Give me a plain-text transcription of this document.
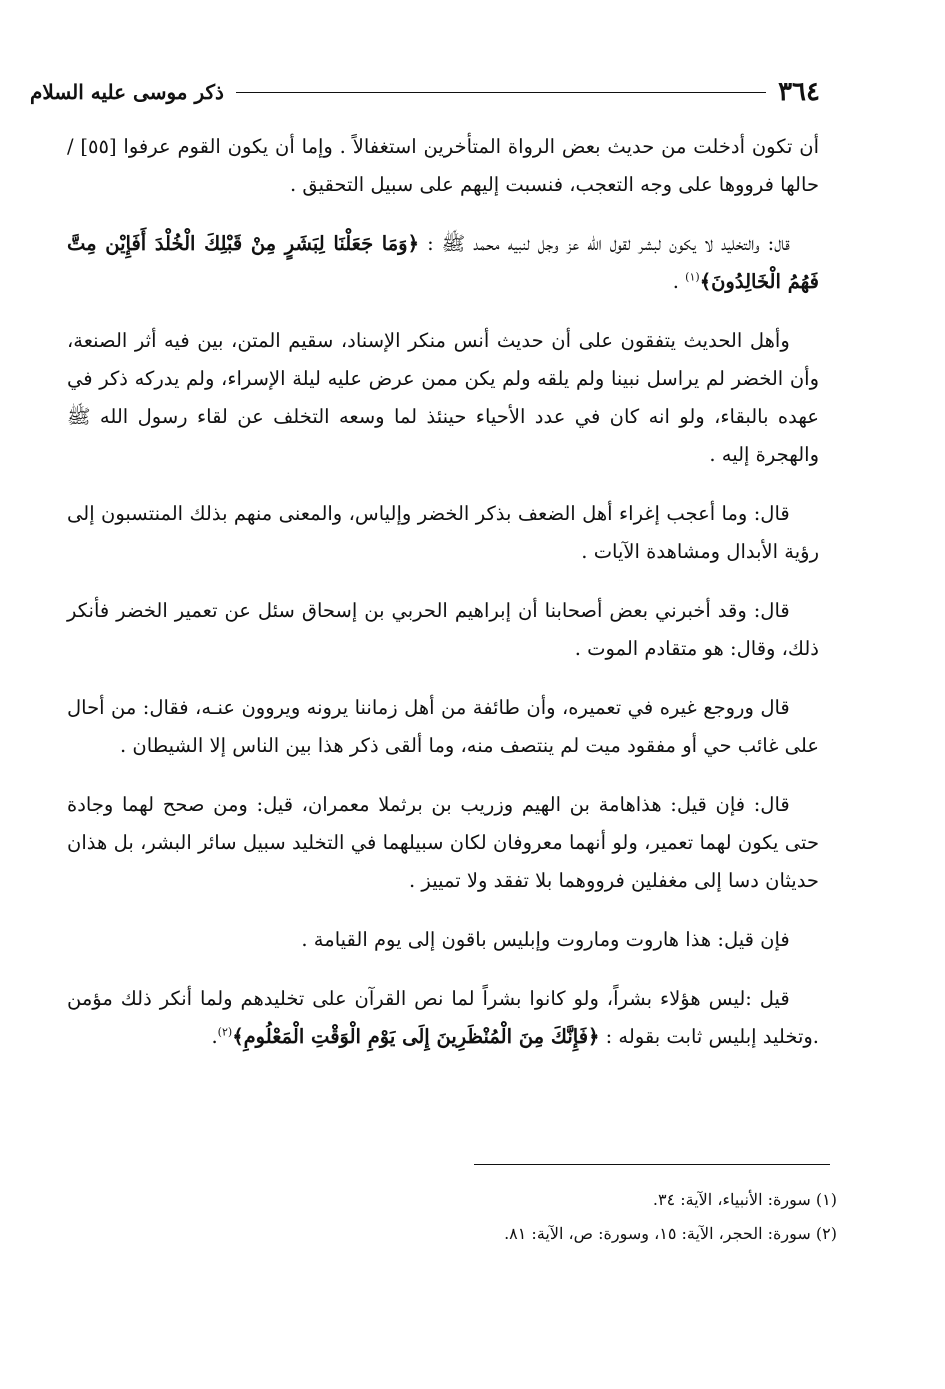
ذكر موسى عليه السلام	٣٦٤

أن تكون أدخلت من حديث بعض الرواة المتأخرين استغفالاً . وإما أن يكون القوم عرفوا [٥٥] / حالها فرووها على وجه التعجب، فنسبت إليهم على سبيل التحقيق .

قال: والتخليد لا يكون لبشر لقول الله عز وجل لنبيه محمد ﷺ : ﴿وَمَا جَعَلْنَا لِبَشَرٍ مِنْ قَبْلِكَ الْخُلْدَ أَفَإِيْن مِتَّ فَهُمُ الْخَالِدُونَ﴾$^{(١)}$ .

وأهل الحديث يتفقون على أن حديث أنس منكر الإسناد، سقيم المتن، بين فيه أثر الصنعة، وأن الخضر لم يراسل نبينا ولم يلقه ولم يكن ممن عرض عليه ليلة الإسراء، ولم يدركه ذكر في عهده بالبقاء، ولو انه كان في عدد الأحياء حينئذ لما وسعه التخلف عن لقاء رسول الله ﷺ والهجرة إليه .

قال: وما أعجب إغراء أهل الضعف بذكر الخضر وإلياس، والمعنى منهم بذلك المنتسبون إلى رؤية الأبدال ومشاهدة الآيات .

قال: وقد أخبرني بعض أصحابنا أن إبراهيم الحربي بن إسحاق سئل عن تعمير الخضر فأنكر ذلك، وقال: هو متقادم الموت .

قال وروجع غيره في تعميره، وأن طائفة من أهل زماننا يرونه ويروون عنـه، فقال: من أحال على غائب حي أو مفقود ميت لم ينتصف منه، وما ألقى ذكر هذا بين الناس إلا الشيطان .

قال: فإن قيل: هذاهامة بن الهيم وزريب بن برثملا معمران، قيل: ومن صحح لهما وجادة حتى يكون لهما تعمير، ولو أنهما معروفان لكان سبيلهما في التخليد سبيل سائر البشر، بل هذان حديثان دسا إلى مغفلين فرووهما بلا تفقد ولا تمييز .

فإن قيل: هذا هاروت وماروت وإبليس باقون إلى يوم القيامة .

قيل :ليس هؤلاء بشراً، ولو كانوا بشراً لما نص القرآن على تخليدهم ولما أنكر ذلك مؤمن .وتخليد إبليس ثابت بقوله : ﴿فَإِنَّكَ مِنَ الْمُنْظَرِينَ إِلَى يَوْمِ الْوَقْتِ الْمَعْلُومِ﴾$^{(٢)}$.

(١) سورة: الأنبياء، الآية: ٣٤.
(٢) سورة: الحجر، الآية: ١٥، وسورة: ص، الآية: ٨١.
